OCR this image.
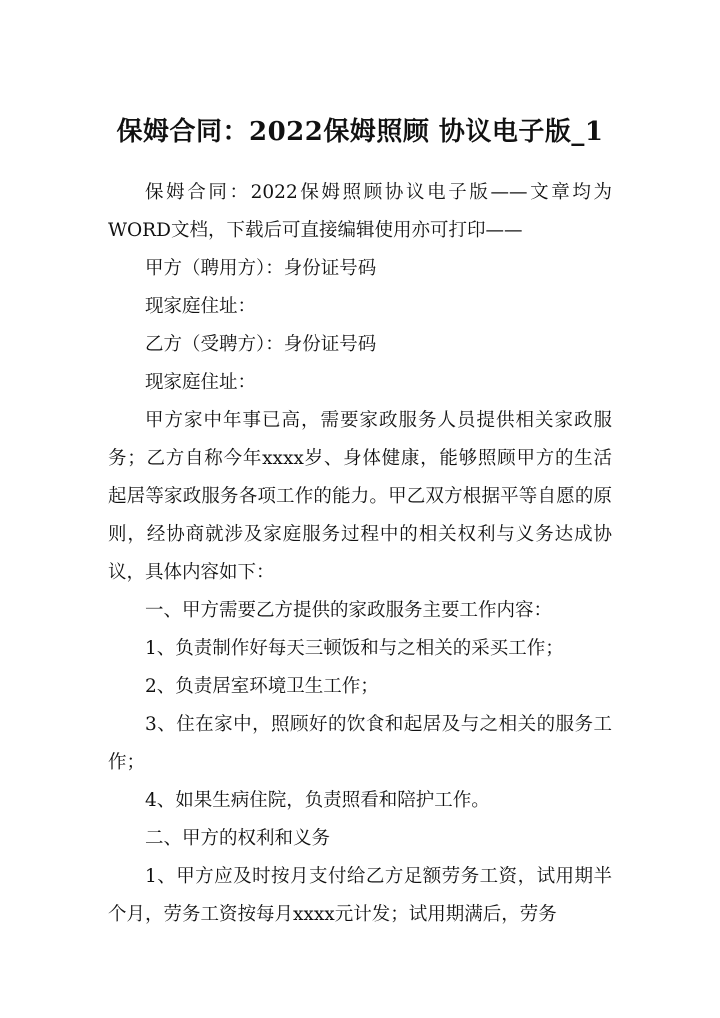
保姆合同：2022保姆照顾 协议电子版_1

保姆合同：2022保姆照顾协议电子版——文章均为WORD文档，下载后可直接编辑使用亦可打印——

甲方（聘用方）：身份证号码

现家庭住址：

乙方（受聘方）：身份证号码

现家庭住址：

甲方家中年事已高，需要家政服务人员提供相关家政服务；乙方自称今年xxxx岁、身体健康，能够照顾甲方的生活起居等家政服务各项工作的能力。甲乙双方根据平等自愿的原则，经协商就涉及家庭服务过程中的相关权利与义务达成协议，具体内容如下：

一、甲方需要乙方提供的家政服务主要工作内容：

1、负责制作好每天三顿饭和与之相关的采买工作；

2、负责居室环境卫生工作；

3、住在家中，照顾好的饮食和起居及与之相关的服务工作；

4、如果生病住院，负责照看和陪护工作。

二、甲方的权利和义务

1、甲方应及时按月支付给乙方足额劳务工资，试用期半个月，劳务工资按每月xxxx元计发；试用期满后，劳务
